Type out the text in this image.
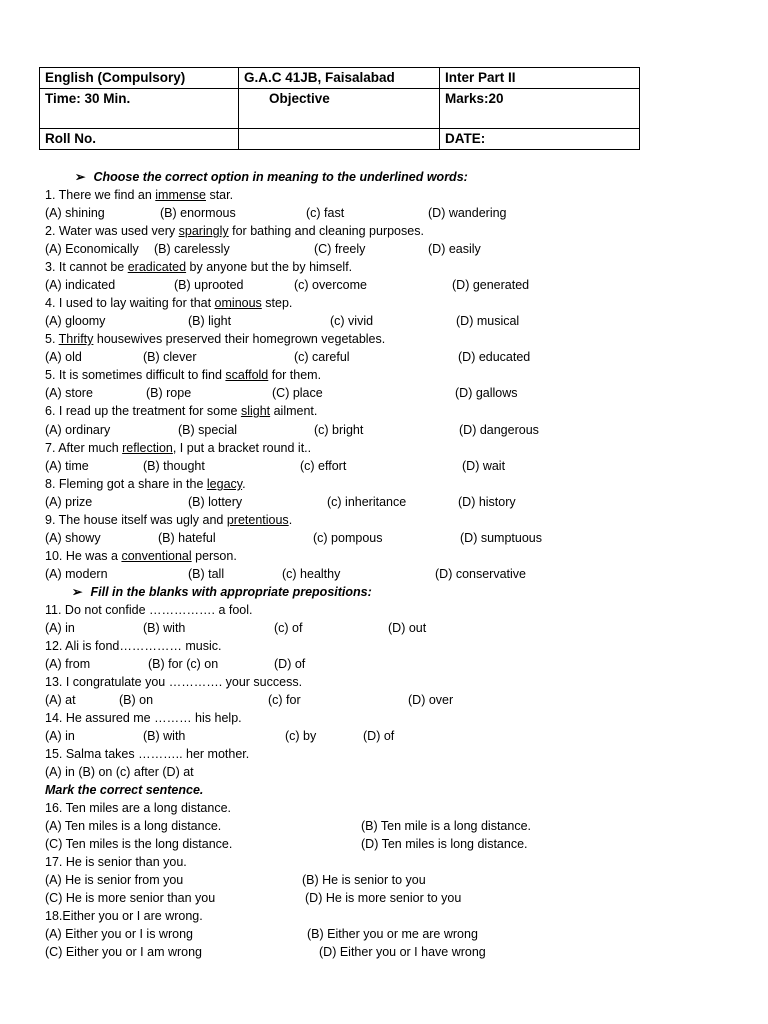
English (Compulsory)	G.A.C 41JB, Faisalabad	Inter Part II
Time: 30 Min.	Objective	Marks:20
Roll No.		DATE:
➢ Choose the correct option in meaning to the underlined words:
1. There we find an immense star.
(A) shining	(B) enormous	(c) fast	(D) wandering
2. Water was used very sparingly for bathing and cleaning purposes.
(A) Economically (B) carelessly	(C) freely	(D) easily
3. It cannot be eradicated by anyone but the by himself.
(A) indicated	(B) uprooted	(c) overcome	(D) generated
4. I used to lay waiting for that ominous step.
(A) gloomy	(B) light	(c) vivid	(D) musical
5. Thrifty housewives preserved their homegrown vegetables.
(A) old	(B) clever	(c) careful	(D) educated
5. It is sometimes difficult to find scaffold for them.
(A) store	(B) rope	(C) place	(D) gallows
6. I read up the treatment for some slight ailment.
(A) ordinary	(B) special	(c) bright	(D) dangerous
7. After much reflection, I put a bracket round it..
(A) time	(B) thought	(c) effort	(D) wait
8. Fleming got a share in the legacy.
(A) prize	(B) lottery	(c) inheritance	(D) history
9. The house itself was ugly and pretentious.
(A) showy	(B) hateful	(c) pompous	(D) sumptuous
10. He was a conventional person.
(A) modern	(B) tall	(c) healthy	(D) conservative
➢ Fill in the blanks with appropriate prepositions:
11. Do not confide ……………. a fool.
(A) in	(B) with	(c) of	(D) out
12. Ali is fond…………… music.
(A) from	(B) for (c) on	(D) of
13. I congratulate you …………. your success.
(A) at	(B) on	(c) for	(D) over
14. He assured me ……… his help.
(A) in	(B) with	(c) by	(D) of
15. Salma takes ……….. her mother.
(A) in (B) on (c) after (D) at
Mark the correct sentence.
16. Ten miles are a long distance.
(A) Ten miles is a long distance.	(B) Ten mile is a long distance.
(C) Ten miles is the long distance.	(D) Ten miles is long distance.
17. He is senior than you.
(A) He is senior from you	(B) He is senior to you
(C) He is more senior than you	(D) He is more senior to you
18.Either you or I are wrong.
(A) Either you or I is wrong	(B) Either you or me are wrong
(C) Either you or I am wrong	(D) Either you or I have wrong
